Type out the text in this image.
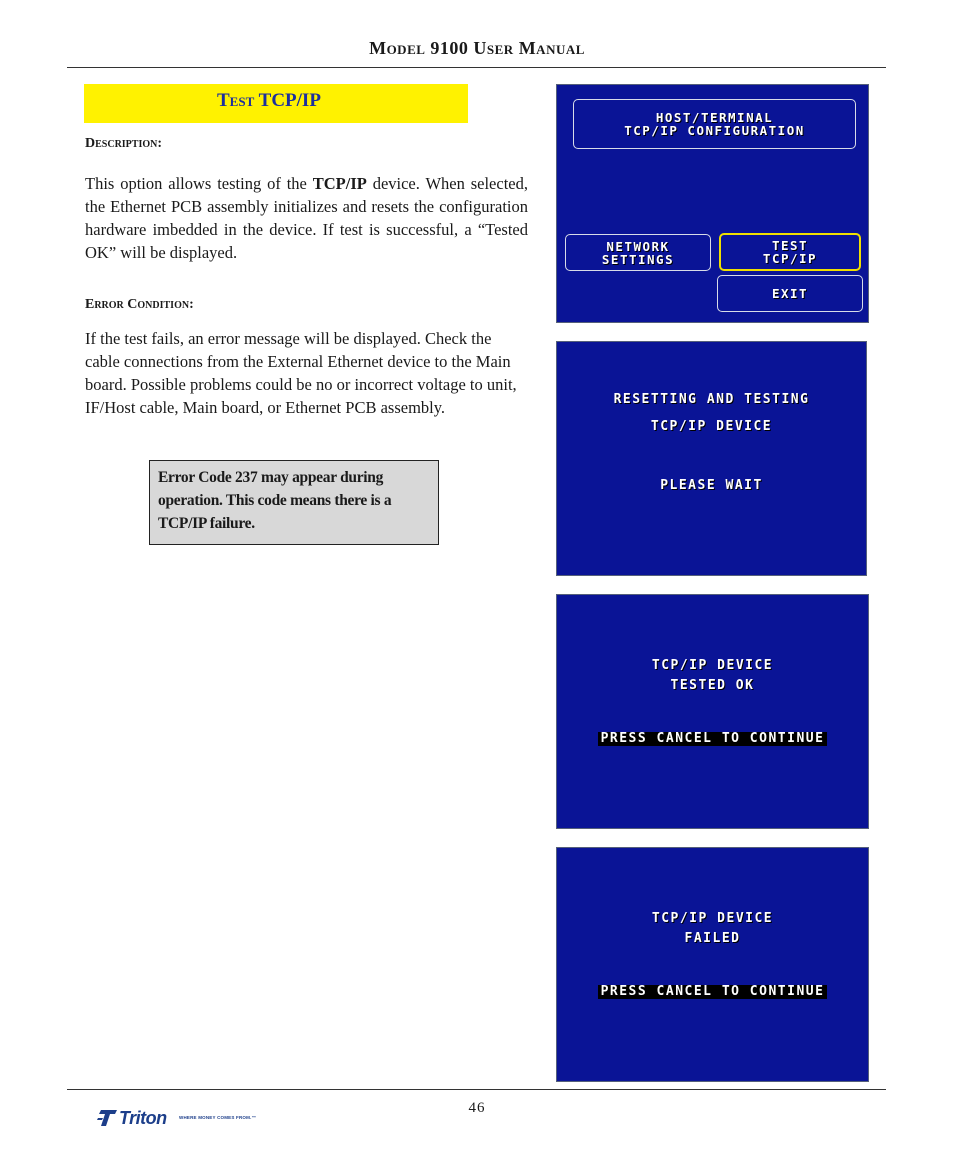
Model 9100 User Manual
Test TCP/IP
Description:
This option allows testing of the TCP/IP device. When selected, the Ethernet PCB assembly initializes and resets the configuration hardware imbedded in the device. If test is successful, a “Tested OK” will be displayed.
Error Condition:
If the test fails, an error message will be displayed. Check the cable connections from the External Ethernet device to the Main board. Possible problems could be no or incorrect voltage to unit, IF/Host cable, Main board, or Ethernet PCB assembly.
Error Code 237 may appear during operation. This code means there is a TCP/IP failure.
HOST/TERMINAL
TCP/IP CONFIGURATION
NETWORK
SETTINGS
TEST
TCP/IP
EXIT
RESETTING AND TESTING
TCP/IP DEVICE
PLEASE WAIT
TCP/IP DEVICE
TESTED OK
PRESS CANCEL TO CONTINUE
TCP/IP DEVICE
FAILED
PRESS CANCEL TO CONTINUE
46
Triton	WHERE MONEY COMES FROM.™
